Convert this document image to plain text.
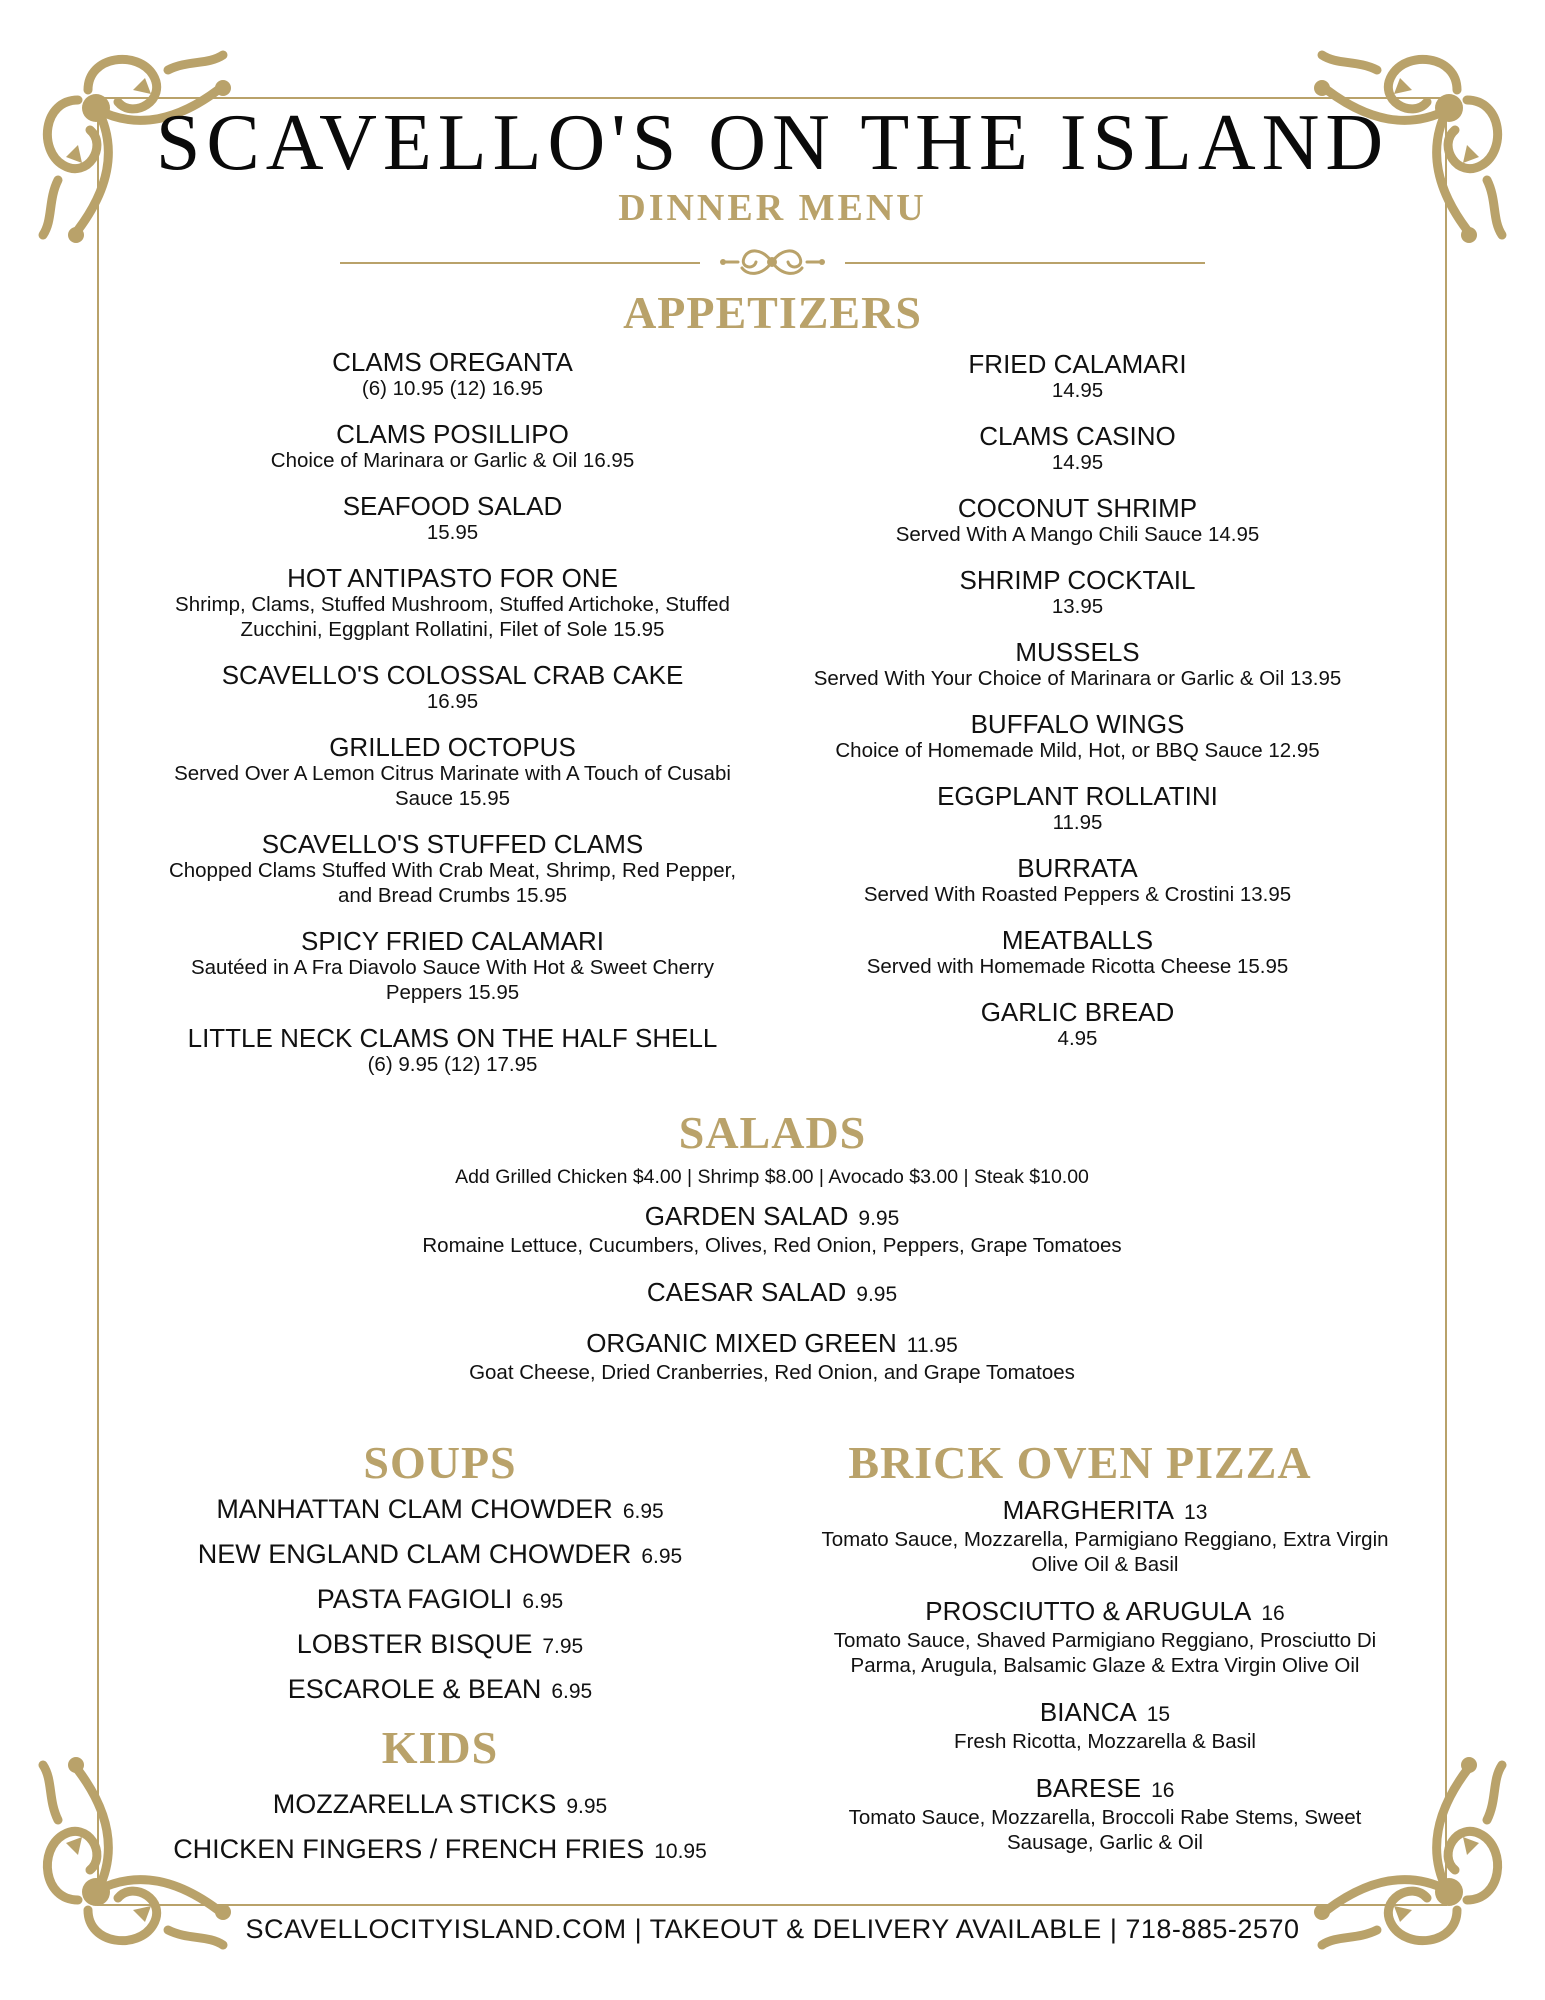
SCAVELLO'S ON THE ISLAND
DINNER MENU
APPETIZERS
CLAMS OREGANTA
(6) 10.95 (12) 16.95
CLAMS POSILLIPO
Choice of Marinara or Garlic & Oil 16.95
SEAFOOD SALAD
15.95
HOT ANTIPASTO FOR ONE
Shrimp, Clams, Stuffed Mushroom, Stuffed Artichoke, Stuffed Zucchini, Eggplant Rollatini, Filet of Sole 15.95
SCAVELLO'S COLOSSAL CRAB CAKE
16.95
GRILLED OCTOPUS
Served Over A Lemon Citrus Marinate with A Touch of Cusabi Sauce 15.95
SCAVELLO'S STUFFED CLAMS
Chopped Clams Stuffed With Crab Meat, Shrimp, Red Pepper, and Bread Crumbs 15.95
SPICY FRIED CALAMARI
Sautéed in A Fra Diavolo Sauce With Hot & Sweet Cherry Peppers 15.95
LITTLE NECK CLAMS ON THE HALF SHELL
(6) 9.95 (12) 17.95
FRIED CALAMARI
14.95
CLAMS CASINO
14.95
COCONUT SHRIMP
Served With A Mango Chili Sauce 14.95
SHRIMP COCKTAIL
13.95
MUSSELS
Served With Your Choice of Marinara or Garlic & Oil 13.95
BUFFALO WINGS
Choice of Homemade Mild, Hot, or BBQ Sauce 12.95
EGGPLANT ROLLATINI
11.95
BURRATA
Served With Roasted Peppers & Crostini 13.95
MEATBALLS
Served with Homemade Ricotta Cheese 15.95
GARLIC BREAD
4.95
SALADS
Add Grilled Chicken $4.00 | Shrimp $8.00 | Avocado $3.00 | Steak $10.00
GARDEN SALAD 9.95
Romaine Lettuce, Cucumbers, Olives, Red Onion, Peppers, Grape Tomatoes
CAESAR SALAD 9.95
ORGANIC MIXED GREEN 11.95
Goat Cheese, Dried Cranberries, Red Onion, and Grape Tomatoes
SOUPS
MANHATTAN CLAM CHOWDER 6.95
NEW ENGLAND CLAM CHOWDER 6.95
PASTA FAGIOLI 6.95
LOBSTER BISQUE 7.95
ESCAROLE & BEAN 6.95
KIDS
MOZZARELLA STICKS 9.95
CHICKEN FINGERS / FRENCH FRIES 10.95
BRICK OVEN PIZZA
MARGHERITA 13
Tomato Sauce, Mozzarella, Parmigiano Reggiano, Extra Virgin Olive Oil & Basil
PROSCIUTTO & ARUGULA 16
Tomato Sauce, Shaved Parmigiano Reggiano, Prosciutto Di Parma, Arugula, Balsamic Glaze & Extra Virgin Olive Oil
BIANCA 15
Fresh Ricotta, Mozzarella & Basil
BARESE 16
Tomato Sauce, Mozzarella, Broccoli Rabe Stems, Sweet Sausage, Garlic & Oil
SCAVELLOCITYISLAND.COM | TAKEOUT & DELIVERY AVAILABLE | 718-885-2570
